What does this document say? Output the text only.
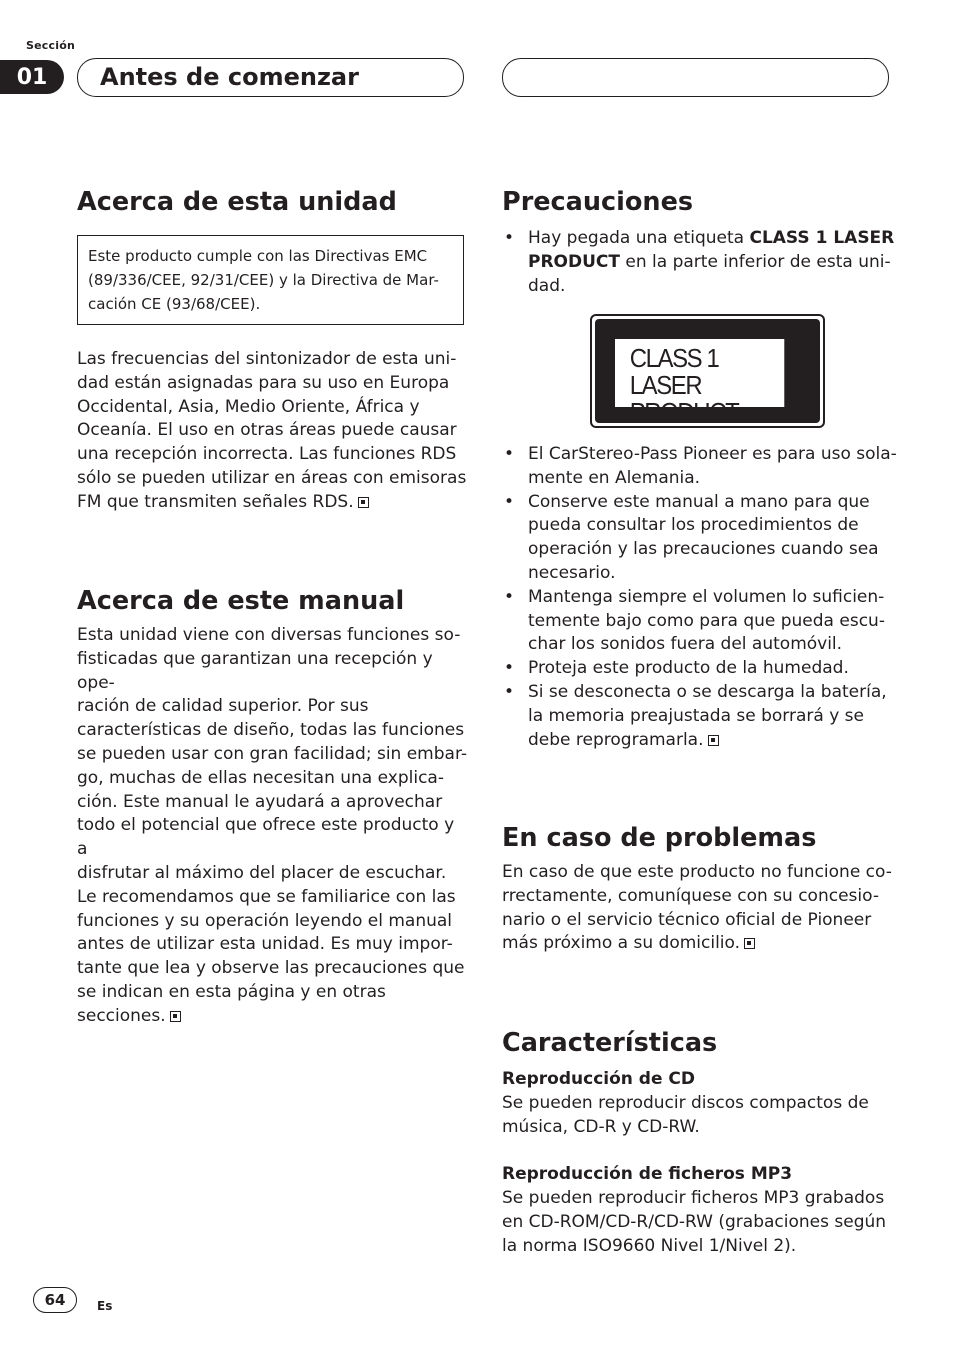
Sección
01	Antes de comenzar
Acerca de esta unidad
Este producto cumple con las Directivas EMC
(89/336/CEE, 92/31/CEE) y la Directiva de Mar-
cación CE (93/68/CEE).
Las frecuencias del sintonizador de esta uni-
dad están asignadas para su uso en Europa
Occidental, Asia, Medio Oriente, África y
Oceanía. El uso en otras áreas puede causar
una recepción incorrecta. Las funciones RDS
sólo se pueden utilizar en áreas con emisoras
FM que transmiten señales RDS.
Acerca de este manual
Esta unidad viene con diversas funciones so-
fisticadas que garantizan una recepción y ope-
ración de calidad superior. Por sus
características de diseño, todas las funciones
se pueden usar con gran facilidad; sin embar-
go, muchas de ellas necesitan una explica-
ción. Este manual le ayudará a aprovechar
todo el potencial que ofrece este producto y a
disfrutar al máximo del placer de escuchar.
Le recomendamos que se familiarice con las
funciones y su operación leyendo el manual
antes de utilizar esta unidad. Es muy impor-
tante que lea y observe las precauciones que
se indican en esta página y en otras
secciones.
Precauciones
• Hay pegada una etiqueta CLASS 1 LASER
PRODUCT en la parte inferior de esta uni-
dad.
CLASS 1
LASER PRODUCT
• El CarStereo-Pass Pioneer es para uso sola-
mente en Alemania.
• Conserve este manual a mano para que
pueda consultar los procedimientos de
operación y las precauciones cuando sea
necesario.
• Mantenga siempre el volumen lo suficien-
temente bajo como para que pueda escu-
char los sonidos fuera del automóvil.
• Proteja este producto de la humedad.
• Si se desconecta o se descarga la batería,
la memoria preajustada se borrará y se
debe reprogramarla.
En caso de problemas
En caso de que este producto no funcione co-
rrectamente, comuníquese con su concesio-
nario o el servicio técnico oficial de Pioneer
más próximo a su domicilio.
Características
Reproducción de CD
Se pueden reproducir discos compactos de
música, CD-R y CD-RW.
Reproducción de ficheros MP3
Se pueden reproducir ficheros MP3 grabados
en CD-ROM/CD-R/CD-RW (grabaciones según
la norma ISO9660 Nivel 1/Nivel 2).
64	Es
